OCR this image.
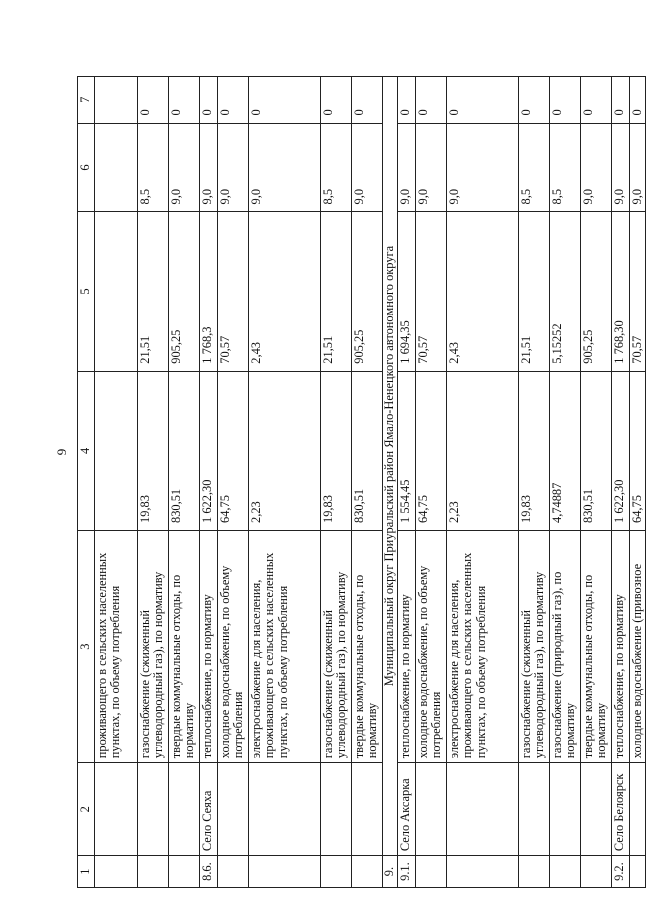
9
1	2	3	4	5	6	7
		проживающего в сельских населенных пунктах, по объему потребления				
		газоснабжение (сжиженный углеводородный газ), по нормативу	19,83	21,51	8,5	0
		твердые коммунальные отходы, по нормативу	830,51	905,25	9,0	0
8.6.	Село Сеяха	теплоснабжение, по нормативу	1 622,30	1 768,3	9,0	0
		холодное водоснабжение, по объему потребления	64,75	70,57	9,0	0
		электроснабжение для населения, проживающего в сельских населенных пунктах, по объему потребления	2,23	2,43	9,0	0
		газоснабжение (сжиженный углеводородный газ), по нормативу	19,83	21,51	8,5	0
		твердые коммунальные отходы, по нормативу	830,51	905,25	9,0	0
9.	Муниципальный округ Приуральский район Ямало-Ненецкого автономного округа					
9.1.	Село Аксарка	теплоснабжение, по нормативу	1 554,45	1 694,35	9,0	0
		холодное водоснабжение, по объему потребления	64,75	70,57	9,0	0
		электроснабжение для населения, проживающего в сельских населенных пунктах, по объему потребления	2,23	2,43	9,0	0
		газоснабжение (сжиженный углеводородный газ), по нормативу	19,83	21,51	8,5	0
		газоснабжение (природный газ), по нормативу	4,74887	5,15252	8,5	0
		твердые коммунальные отходы, по нормативу	830,51	905,25	9,0	0
9.2.	Село Белоярск	теплоснабжение, по нормативу	1 622,30	1 768,30	9,0	0
		холодное водоснабжение (привозное	64,75	70,57	9,0	0
